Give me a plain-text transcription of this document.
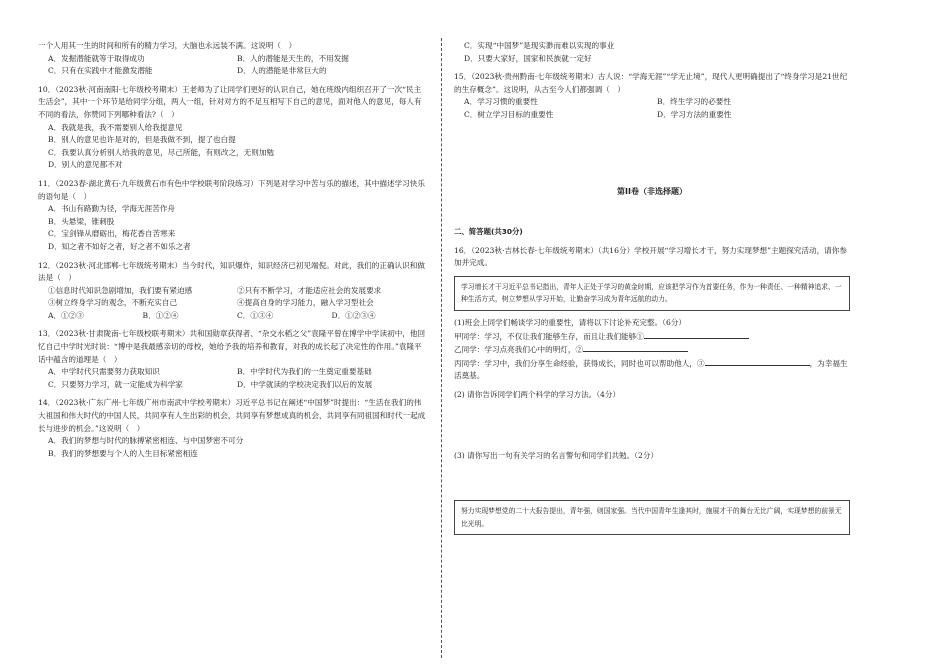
一个人用其一生的时间和所有的精力学习，大脑也永远装不满。这说明（　）

A．发掘潜能就等于取得成功	B．人的潜能是天生的，不用发掘
C．只有在实践中才能激发潜能	D．人的潜能是非常巨大的

10．（2023秋·河南南阳·七年级校考期末）王老师为了让同学们更好的认识自己，她在班级内组织召开了一次“民主生活会”，其中一个环节是给同学分组，两人一组，针对对方的不足互相写下自己的意见，面对他人的意见，每人有不同的看法，你赞同下列哪种看法?（　）

A．我就是我，我不需要别人给我提意见

B．别人的意见也许是对的，但是我做不到，提了也白提

C．我要认真分析别人给我的意见，尽己所能，有则改之，无则加勉

D．别人的意见都不对

11．（2023春·湖北黄石·九年级黄石市有色中学校联考阶段练习）下列是对学习中苦与乐的描述，其中描述学习快乐的语句是（　）

A．书山有路勤为径，学海无涯苦作舟

B．头悬梁，锥刺股

C．宝剑锋从磨砺出，梅花香自苦寒来

D．知之者不如好之者，好之者不如乐之者

12．（2023秋·河北邯郸·七年级统考期末）当今时代，知识爆炸，知识经济已初见端倪。对此，我们的正确认识和做法是（　）

①信息时代知识急剧增加，我们要有紧迫感	②只有不断学习，才能适应社会的发展要求
③树立终身学习的观念，不断充实自己	④提高自身的学习能力，融入学习型社会
A．①②③	B．①②④	C．①③④	D．①②③④

13．（2023秋·甘肃陇南·七年级校联考期末）共和国勋章获得者、“杂交水稻之父”袁隆平曾在博学中学读初中，他回忆自己中学时光时说：“博中是我最感亲切的母校，她给予我的培养和教育，对我的成长起了决定性的作用。”袁隆平话中蕴含的道理是（　）

A．中学时代只需要努力获取知识	B．中学时代为我们的一生奠定重要基础
C．只要努力学习，就一定能成为科学家	D．中学就读的学校决定我们以后的发展

14．（2023秋·广东广州·七年级广州市南武中学校考期末）习近平总书记在阐述“中国梦”时提出：“生活在我们的伟大祖国和伟大时代的中国人民，共同享有人生出彩的机会，共同享有梦想成真的机会，共同享有同祖国和时代一起成长与进步的机会。”这说明（　）

A．我们的梦想与时代的脉搏紧密相连、与中国梦密不可分

B．我们的梦想要与个人的人生目标紧密相连

C．实现“中国梦”是现实渺而难以实现的事业

D．只要大家好，国家和民族就一定好

15．（2023秋·贵州黔南·七年级统考期末）古人说：“学海无涯”“学无止境”，现代人更明确提出了“终身学习是21世纪的生存概念”。这说明，从古至今人们都强调（　）

A．学习习惯的重要性	B．终生学习的必要性
C．树立学习目标的重要性	D．学习方法的重要性

第II卷（非选择题）

二、简答题(共30分)

16．（2023秋·吉林长春·七年级统考期末）（共16分）学校开展“学习增长才干，努力实现梦想”主题探究活动，请你参加并完成。

学习增长才干习近平总书记指出，青年人正处于学习的黄金时期，应该把学习作为首要任务，作为一种责任、一种精神追求、一种生活方式，树立梦想从学习开始，让勤奋学习成为青年远航的动力。

(1)班会上同学们畅谈学习的重要性，请将以下讨论补充完整。（6分）

甲同学：学习，不仅让我们能够生存，而且让我们能够①

乙同学：学习点亮我们心中的明灯，②

丙同学：学习中，我们分享生命经验，获得成长，同时也可以帮助他人，③	，为幸福生活奠基。

(2) 请你告诉同学们两个科学的学习方法。（4分）

(3) 请你写出一句有关学习的名言警句和同学们共勉。（2分）

努力实现梦想党的二十大报告提出，青年强，则国家强。当代中国青年生逢其时，施展才干的舞台无比广阔，实现梦想的前景无比光明。
